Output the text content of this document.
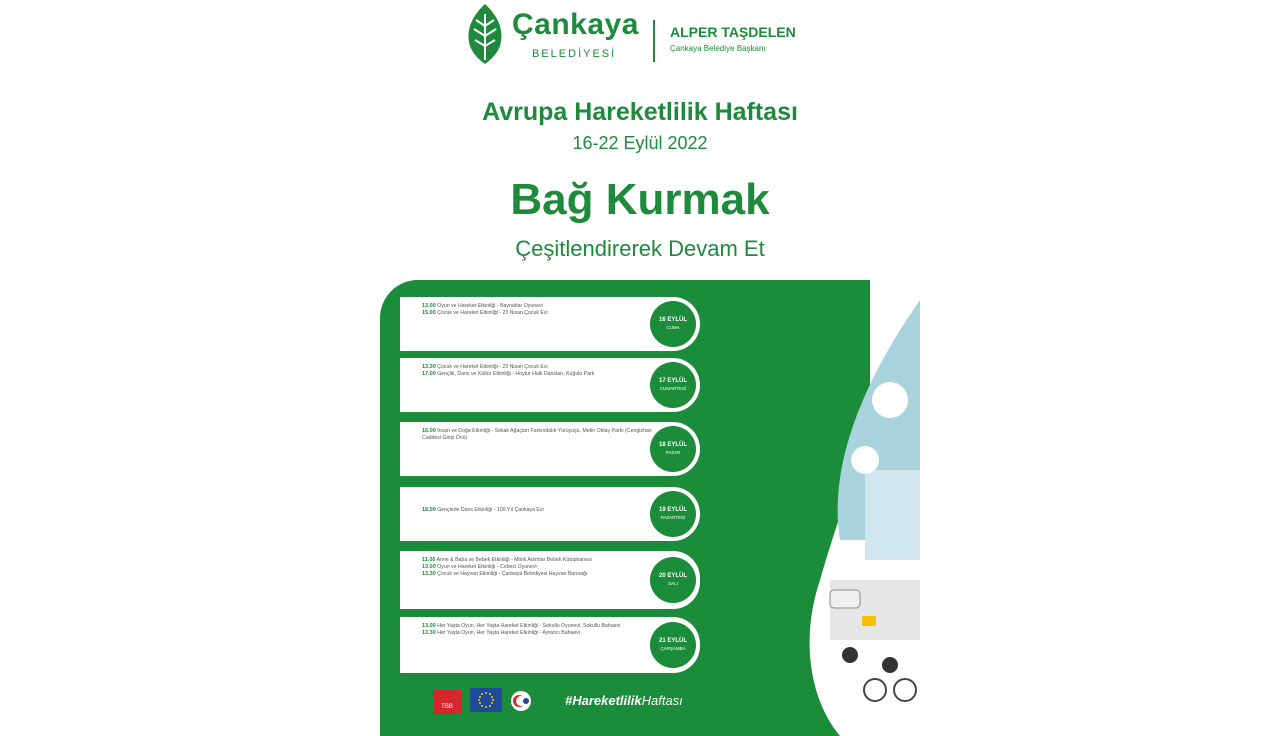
Çankaya
BELEDİYESİ
ALPER TAŞDELEN
Çankaya Belediye Başkanı
Avrupa Hareketlilik Haftası
16-22 Eylül 2022
Bağ Kurmak
Çeşitlendirerek Devam Et
13.00 Oyun ve Hareket Etkinliği - Bayraktar Oyunevi
15.00 Çocuk ve Hareket Etkinliği - 23 Nisan Çocuk Evi
16 EYLÜL
CUMA
13.30 Çocuk ve Hareket Etkinliği - 23 Nisan Çocuk Evi
17.00 Gençlik, Dans ve Kültür Etkinliği - Hoytur Halk Dansları, Kuğulu Park
17 EYLÜL
CUMARTESİ
16.00 İnsan ve Doğa Etkinliği - Sokak Ağaçları Farkındalık Yürüyüşü, Metin Oktay Parkı (Cengizhan Caddesi Girişi Önü)
18 EYLÜL
PAZAR
18.00 Gençlerle Dans Etkinliği - 100.Yıl Çankaya Evi	19 EYLÜL
PAZARTESİ
11.00 Anne & Baba ve Bebek Etkinliği - Minik Adımlar Bebek Kütüphanesi
13.00 Oyun ve Hareket Etkinliği - Cebeci Oyunevi
13.30 Çocuk ve Hayvan Etkinliği - Çankaya Belediyesi Hayvan Barınağı	20 EYLÜL
SALI
13.00 Her Yaşta Oyun, Her Yaşta Hareket Etkinliği - Sokullu Oyunevi, Sokullu Bahaevi
13.30 Her Yaşta Oyun, Her Yaşta Hareket Etkinliği - Ayrancı Bahaevi
21 EYLÜL
ÇARŞAMBA
TBB	#HareketlilikHaftası
